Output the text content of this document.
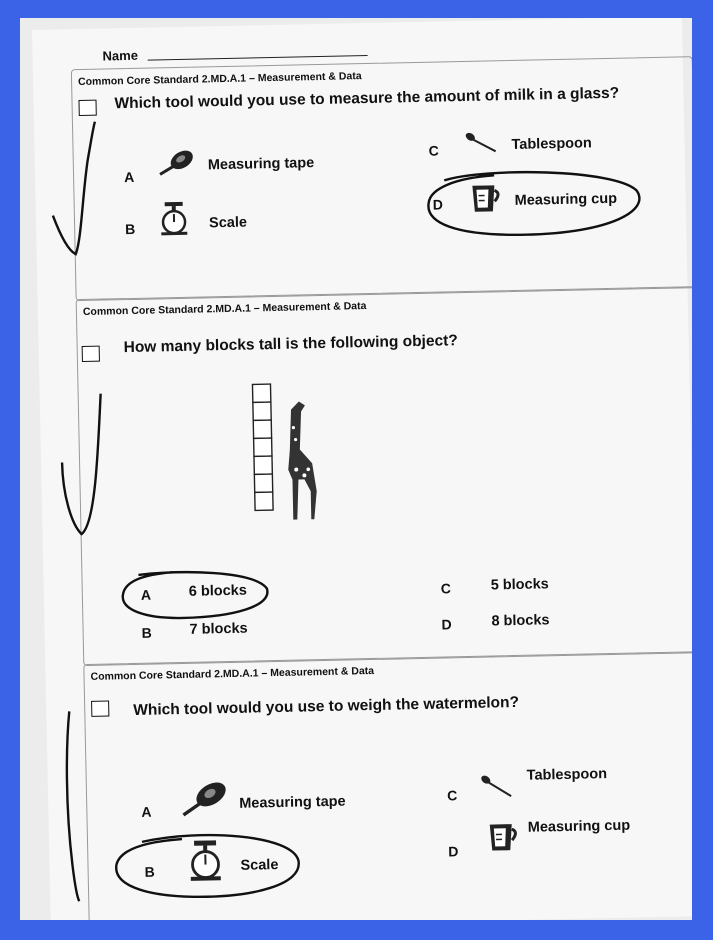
Name
Common Core Standard 2.MD.A.1 – Measurement & Data
Which tool would you use to measure the amount of milk in a glass?
A
Measuring tape
B	Scale
C	Tablespoon
D	Measuring cup
Common Core Standard 2.MD.A.1 – Measurement & Data
How many blocks tall is the following object?
A	6 blocks
B	7 blocks
C	5 blocks
D	8 blocks
Common Core Standard 2.MD.A.1 – Measurement & Data
Which tool would you use to weigh the watermelon?
A	Measuring tape
B	Scale
C
Tablespoon
D
Measuring cup
